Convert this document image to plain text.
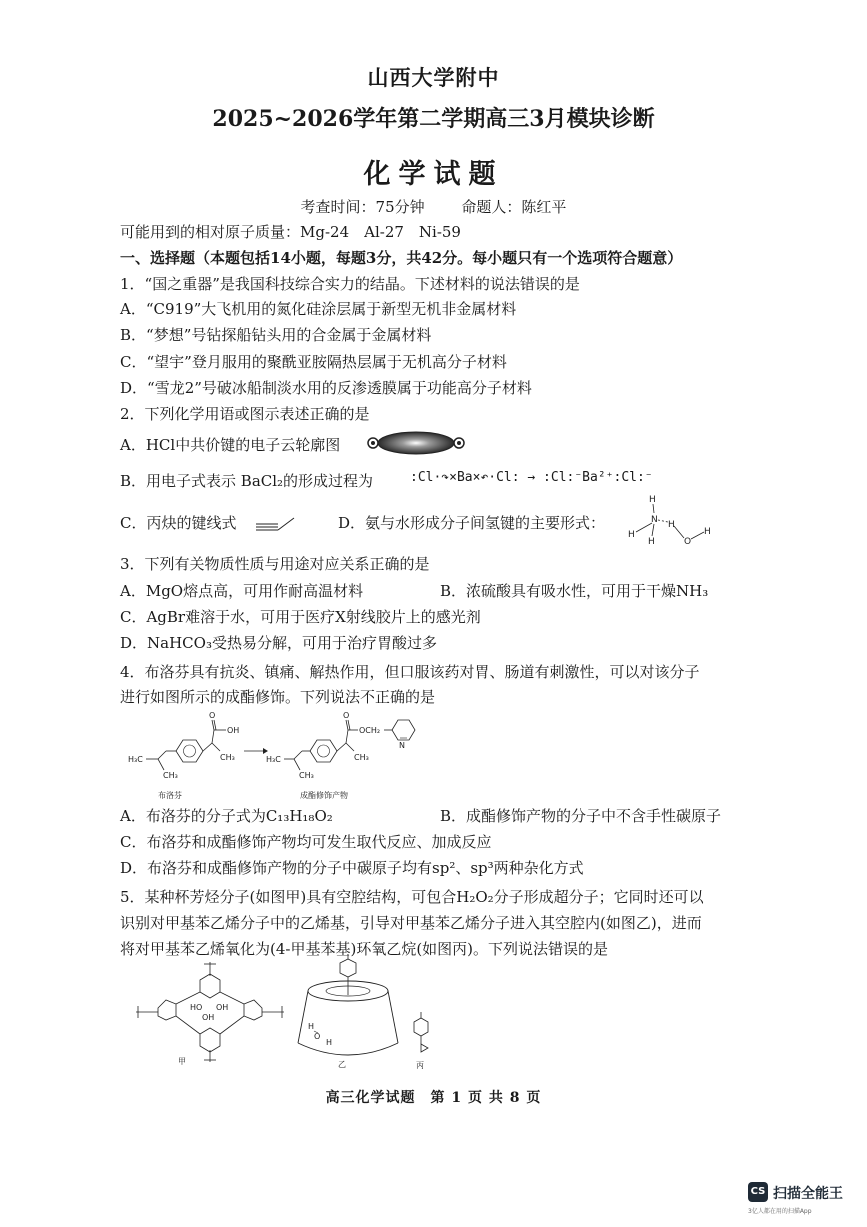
山西大学附中
2025~2026学年第二学期高三3月模块诊断
化学试题
考查时间：75分钟 命题人：陈红平
可能用到的相对原子质量：Mg-24　Al-27　Ni-59
一、选择题（本题包括14小题，每题3分，共42分。每小题只有一个选项符合题意）
1．“国之重器”是我国科技综合实力的结晶。下述材料的说法错误的是
A．“C919”大飞机用的氮化硅涂层属于新型无机非金属材料
B．“梦想”号钻探船钻头用的合金属于金属材料
C．“望宇”登月服用的聚酰亚胺隔热层属于无机高分子材料
D．“雪龙2”号破冰船制淡水用的反渗透膜属于功能高分子材料
2．下列化学用语或图示表述正确的是
A．HCl中共价键的电子云轮廓图
B．用电子式表示 BaCl₂的形成过程为	:Cl·↷×Ba×↶·Cl: → :Cl:⁻Ba²⁺:Cl:⁻
C．丙炔的键线式	D．氨与水形成分子间氢键的主要形式：
H
N
H
H
H
O
H
3．下列有关物质性质与用途对应关系正确的是
A．MgO熔点高，可用作耐高温材料	B．浓硫酸具有吸水性，可用于干燥NH₃
C．AgBr难溶于水，可用于医疗X射线胶片上的感光剂
D．NaHCO₃受热易分解，可用于治疗胃酸过多
4．布洛芬具有抗炎、镇痛、解热作用，但口服该药对胃、肠道有刺激性，可以对该分子
进行如图所示的成酯修饰。下列说法不正确的是
H₃C
CH₃
OH
O
CH₃
布洛芬
H₃C
CH₃
O
OCH₂
N
CH₃
成酯修饰产物
A．布洛芬的分子式为C₁₃H₁₈O₂	B．成酯修饰产物的分子中不含手性碳原子
C．布洛芬和成酯修饰产物均可发生取代反应、加成反应
D．布洛芬和成酯修饰产物的分子中碳原子均有sp²、sp³两种杂化方式
5．某种杯芳烃分子(如图甲)具有空腔结构，可包合H₂O₂分子形成超分子；它同时还可以
识别对甲基苯乙烯分子中的乙烯基，引导对甲基苯乙烯分子进入其空腔内(如图乙)，进而
将对甲基苯乙烯氧化为(4-甲基苯基)环氧乙烷(如图丙)。下列说法错误的是
HO OH
OH
甲
H
O
H
乙	丙
高三化学试题　第 1 页 共 8 页
CS 扫描全能王
3亿人都在用的扫描App
